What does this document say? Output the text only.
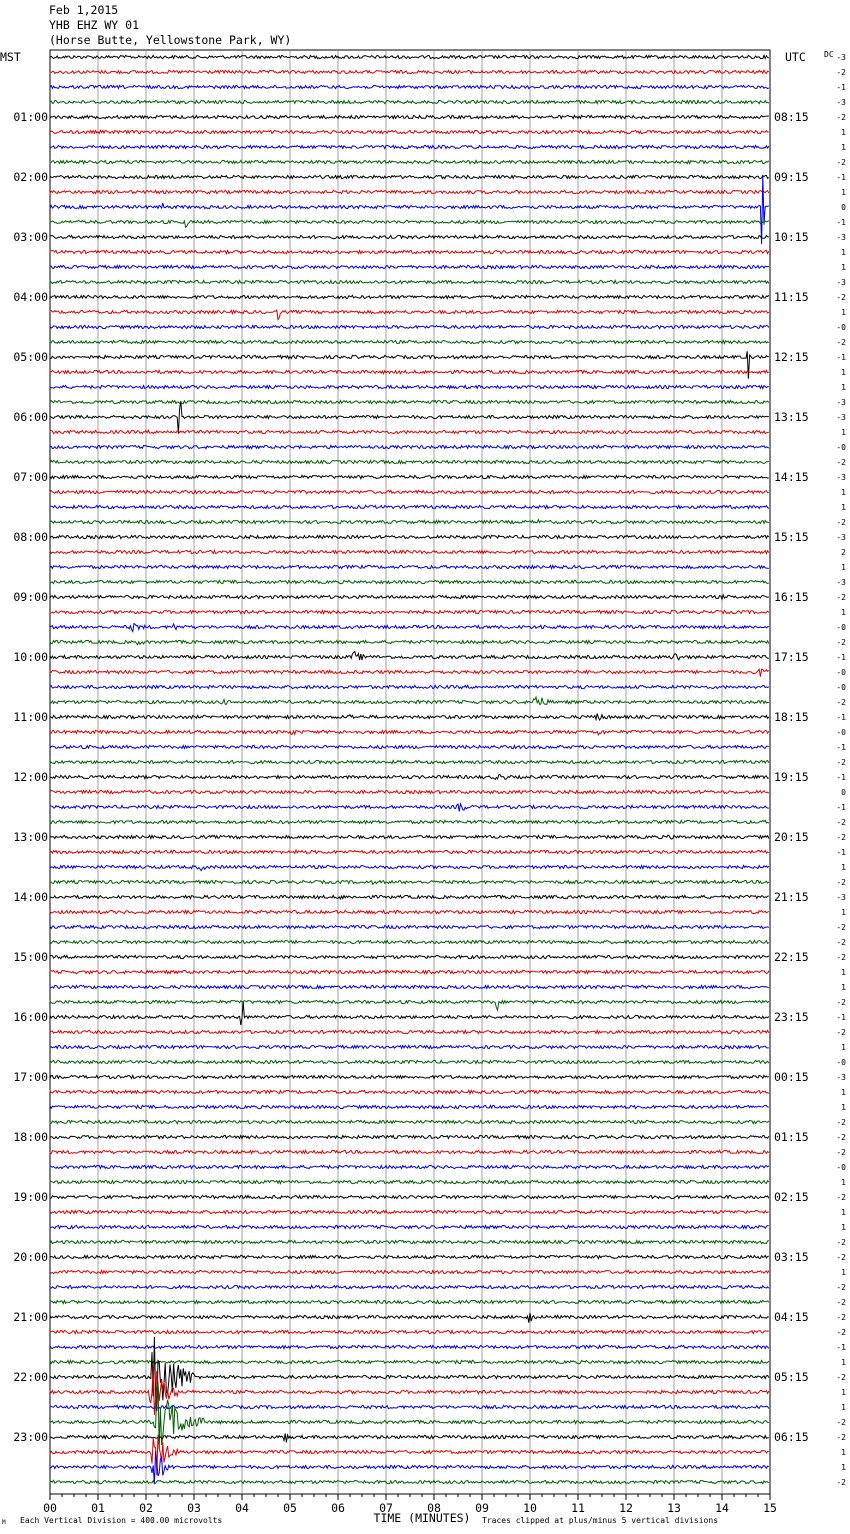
Feb 1,2015
YHB EHZ WY 01
(Horse Butte, Yellowstone Park, WY)
00	01	02	03	04	05	06	07	08	09	10	11	12	13	14	15
MST	UTC DC -3
-2
-1
-3
-2
1
1
-2
-1
1
0
-1
-3
1
1
-3
-2
1
-0
-2
-1
1
1
-3
-3
1
-0
-2
-3
1
1
-2
-3
2
1
-3
-2
1
-0
-2
-1
-0
-0
-2
-1
-0
-1
-2
-1
0
-1
-2
-2
-1
1
-2
-3
1
-2
-2
-2
1
1
-2
-1
-2
1
-0
-3
1
1
-2
-2
-2
-0
1
-2
1
1
-2
-2
1
-2
-2
-2
-2
-1
1
-2
1
1
-2
-2
1
1
-2
01:00
02:00
03:00
04:00
05:00
06:00
07:00
08:00
09:00
10:00
11:00
12:00
13:00
14:00
15:00
16:00
17:00
18:00
19:00
20:00
21:00
22:00
23:00
08:15
09:15
10:15
11:15
12:15
13:15
14:15
15:15
16:15
17:15
18:15
19:15
20:15
21:15
22:15
23:15
00:15
01:15
02:15
03:15
04:15
05:15
06:15
M Each Vertical Division = 400.00 microvolts	TIME (MINUTES) Traces clipped at plus/minus 5 vertical divisions
